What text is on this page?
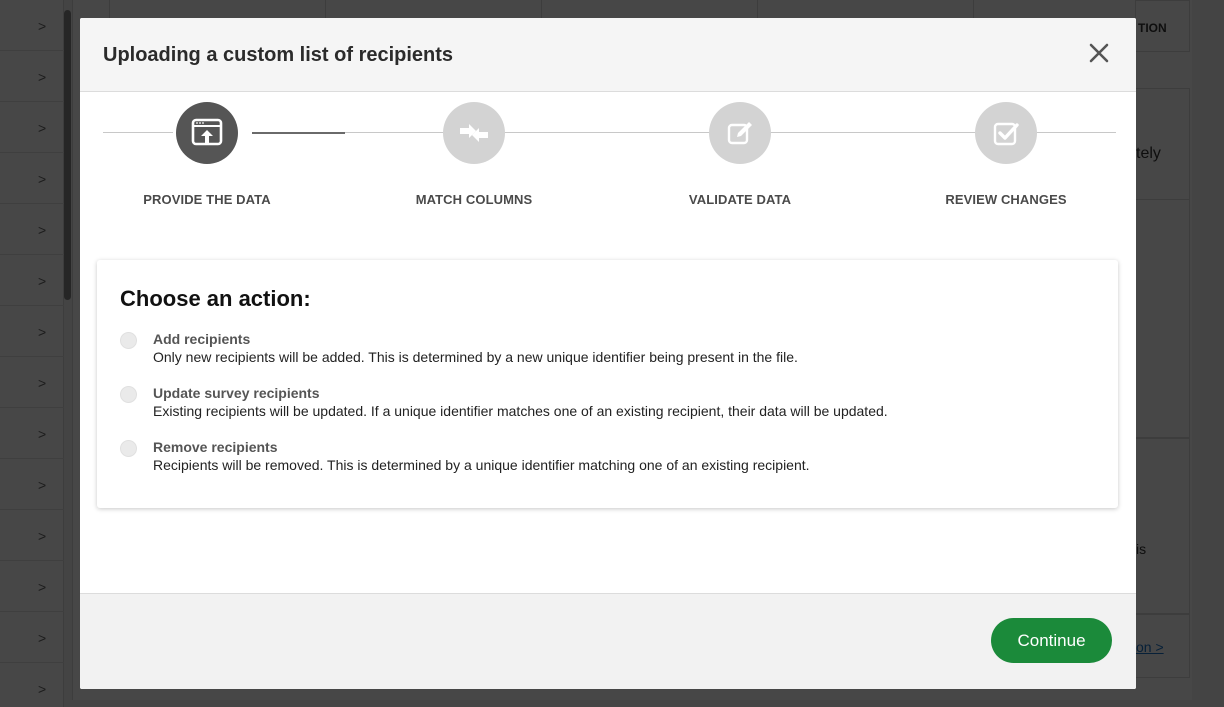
Uploading a custom list of recipients
PROVIDE THE DATA	MATCH COLUMNS	VALIDATE DATA	REVIEW CHANGES
Choose an action:
Add recipients
Only new recipients will be added. This is determined by a new unique identifier being present in the file.
Update survey recipients
Existing recipients will be updated. If a unique identifier matches one of an existing recipient, their data will be updated.
Remove recipients
Recipients will be removed. This is determined by a unique identifier matching one of an existing recipient.
Continue
